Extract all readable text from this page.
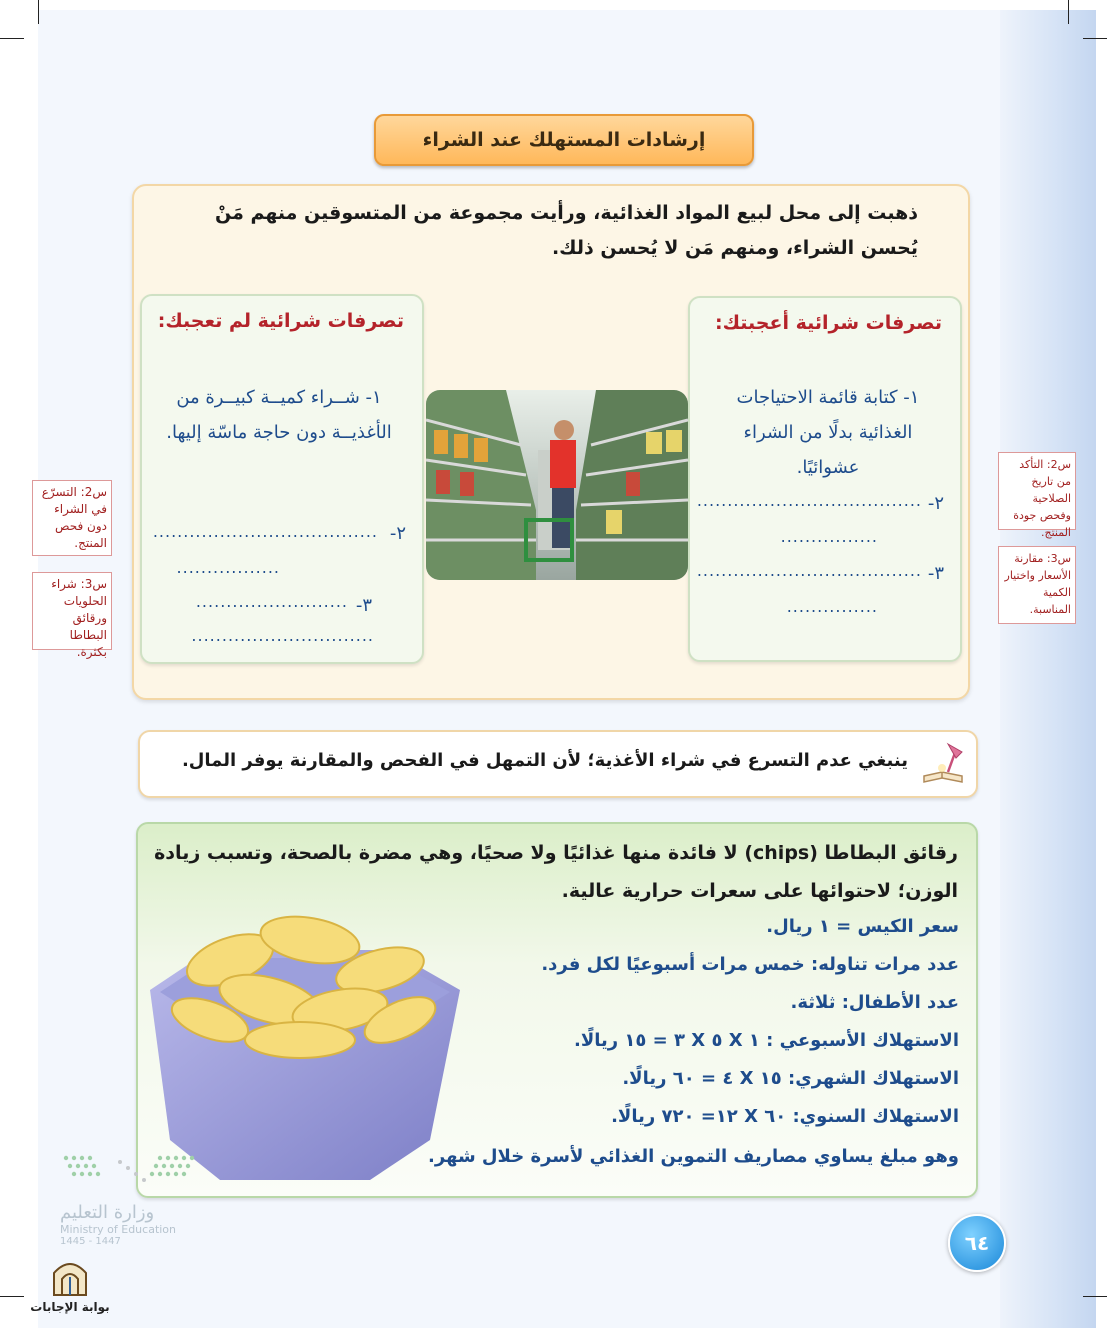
إرشادات المستهلك عند الشراء
ذهبت إلى محل لبيع المواد الغذائية، ورأيت مجموعة من المتسوقين منهم مَنْ يُحسن الشراء، ومنهم مَن لا يُحسن ذلك.
تصرفات شرائية أعجبتك:
١- كتابة قائمة الاحتياجات الغذائية بدلًا من الشراء عشوائيًا.
٢-
.....................................
................
٣-
.....................................
...............
تصرفات شرائية لم تعجبك:
١- شــراء كميــة كبيــرة من الأغذيــة دون حاجة ماسّة إليها.
٢-
.....................................
.................
٣-
.........................
..............................
س2: التأكد من تاريخ الصلاحية وفحص جودة المنتج.
س3: مقارنة الأسعار واختيار الكمية المناسبة.
س2: التسرّع في الشراء دون فحص المنتج.
س3: شراء الحلويات ورقائق البطاطا بكثرة.
ينبغي عدم التسرع في شراء الأغذية؛ لأن التمهل في الفحص والمقارنة يوفر المال.
رقائق البطاطا (chips) لا فائدة منها غذائيًا ولا صحيًا، وهي مضرة بالصحة، وتسبب زيادة الوزن؛ لاحتوائها على سعرات حرارية عالية.
سعر الكيس = ١ ريال.
عدد مرات تناوله: خمس مرات أسبوعيًا لكل فرد.
عدد الأطفال: ثلاثة.
الاستهلاك الأسبوعي : ١ X ٥ X ٣ = ١٥ ريالًا.
الاستهلاك الشهري: ١٥ X ٤ = ٦٠ ريالًا.
الاستهلاك السنوي: ٦٠ X ١٢= ٧٢٠ ريالًا.
وهو مبلغ يساوي مصاريف التموين الغذائي لأسرة خلال شهر.
وزارة التعليم
Ministry of Education
1445 - 1447
بوابة الإجابات
٦٤
